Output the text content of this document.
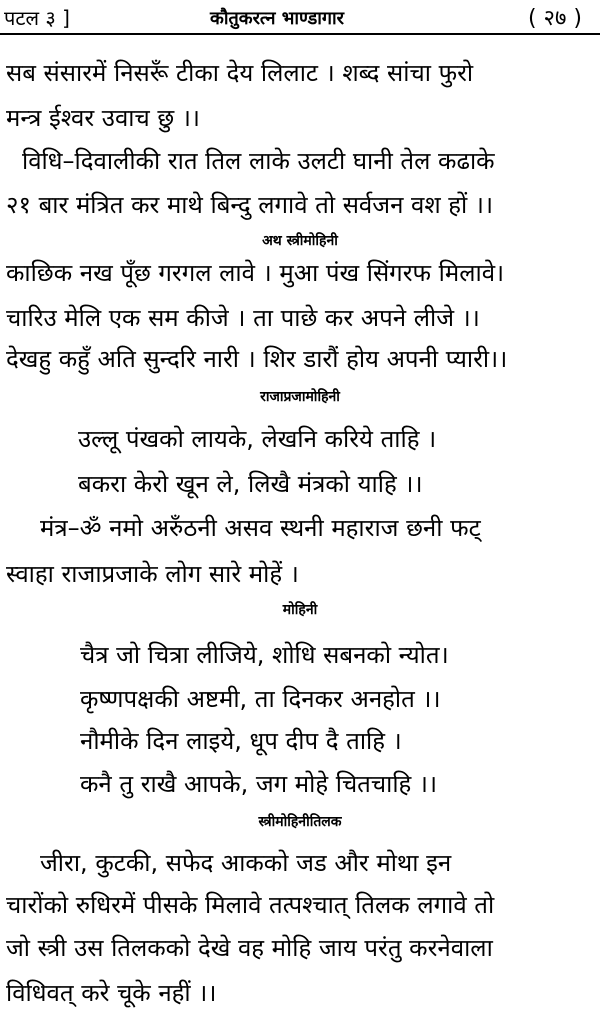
पटल ३ ]	कौतुकरत्न भाण्डागार	( २७ )
सब संसारमें निसरूँ टीका देय लिलाट । शब्द सांचा फुरो
मन्त्र ईश्वर उवाच छु ।।
विधि–दिवालीकी रात तिल लाके उलटी घानी तेल कढाके
२१ बार मंत्रित कर माथे बिन्दु लगावे तो सर्वजन वश हों ।।
अथ स्त्रीमोहिनी
काछिक नख पूँछ गरगल लावे । मुआ पंख सिंगरफ मिलावे।
चारिउ मेलि एक सम कीजे । ता पाछे कर अपने लीजे ।।
देखहु कहुँ अति सुन्दरि नारी । शिर डारौं होय अपनी प्यारी।।
राजाप्रजामोहिनी
उल्लू पंखको लायके, लेखनि करिये ताहि ।
बकरा केरो खून ले, लिखै मंत्रको याहि ।।
मंत्र–ॐ नमो अरुँठनी असव स्थनी महाराज छनी फट्
स्वाहा राजाप्रजाके लोग सारे मोहें ।
मोहिनी
चैत्र जो चित्रा लीजिये, शोधि सबनको न्योत।
कृष्णपक्षकी अष्टमी, ता दिनकर अनहोत ।।
नौमीके दिन लाइये, धूप दीप दै ताहि ।
कनै तु राखै आपके, जग मोहे चितचाहि ।।
स्त्रीमोहिनीतिलक
जीरा, कुटकी, सफेद आकको जड और मोथा इन
चारोंको रुधिरमें पीसके मिलावे तत्पश्चात् तिलक लगावे तो
जो स्त्री उस तिलकको देखे वह मोहि जाय परंतु करनेवाला
विधिवत् करे चूके नहीं ।।
